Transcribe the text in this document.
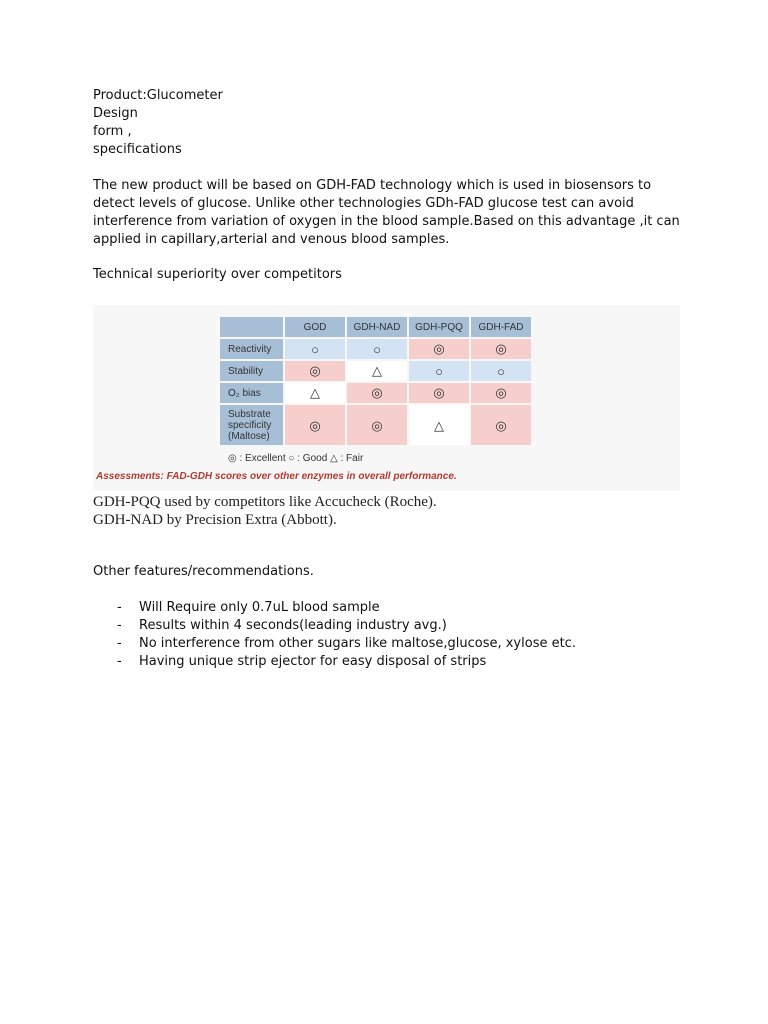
Product:Glucometer
Design
form ,
specifications
The new product will be based on GDH-FAD technology which is used in biosensors to
detect levels of glucose. Unlike other technologies GDh-FAD glucose test can avoid
interference from variation of oxygen in the blood sample.Based on this advantage ,it can
applied in capillary,arterial and venous blood samples.
Technical superiority over competitors
	GOD	GDH-NAD	GDH-PQQ	GDH-FAD
Reactivity	○	○	◎	◎
Stability	◎	△	○	○
O₂ bias	△	◎	◎	◎

Substrate
specificity
(Maltose)	◎	◎	△	◎
◎ : Excellent ○ : Good △ : Fair
Assessments: FAD-GDH scores over other enzymes in overall performance.
GDH-PQQ used by competitors like Accucheck (Roche).
GDH-NAD by Precision Extra (Abbott).
Other features/recommendations.
- Will Require only 0.7uL blood sample
- Results within 4 seconds(leading industry avg.)
- No interference from other sugars like maltose,glucose, xylose etc.
- Having unique strip ejector for easy disposal of strips
